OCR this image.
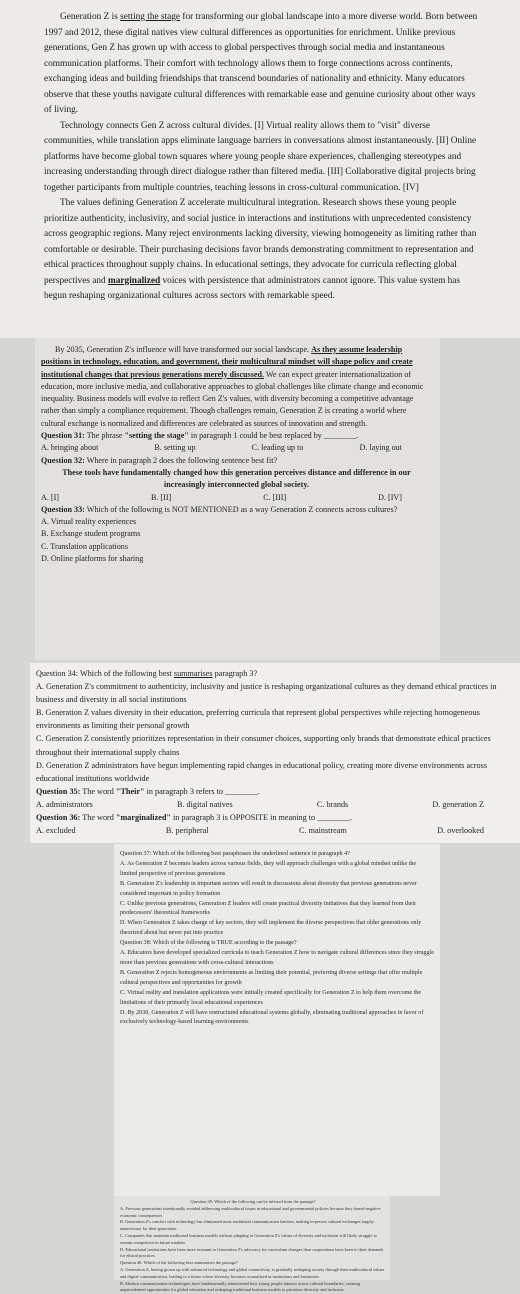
Generation Z is setting the stage for transforming our global landscape into a more diverse world. Born between 1997 and 2012, these digital natives view cultural differences as opportunities for enrichment. Unlike previous generations, Gen Z has grown up with access to global perspectives through social media and instantaneous communication platforms. Their comfort with technology allows them to forge connections across continents, exchanging ideas and building friendships that transcend boundaries of nationality and ethnicity. Many educators observe that these youths navigate cultural differences with remarkable ease and genuine curiosity about other ways of living.

Technology connects Gen Z across cultural divides. [I] Virtual reality allows them to "visit" diverse communities, while translation apps eliminate language barriers in conversations almost instantaneously. [II] Online platforms have become global town squares where young people share experiences, challenging stereotypes and increasing understanding through direct dialogue rather than filtered media. [III] Collaborative digital projects bring together participants from multiple countries, teaching lessons in cross-cultural communication. [IV]

The values defining Generation Z accelerate multicultural integration. Research shows these young people prioritize authenticity, inclusivity, and social justice in interactions and institutions with unprecedented consistency across geographic regions. Many reject environments lacking diversity, viewing homogeneity as limiting rather than comfortable or desirable. Their purchasing decisions favor brands demonstrating commitment to representation and ethical practices throughout supply chains. In educational settings, they advocate for curricula reflecting global perspectives and marginalized voices with persistence that administrators cannot ignore. This value system has begun reshaping organizational cultures across sectors with remarkable speed.

By 2035, Generation Z's influence will have transformed our social landscape. As they assume leadership positions in technology, education, and government, their multicultural mindset will shape policy and create institutional changes that previous generations merely discussed. We can expect greater internationalization of education, more inclusive media, and collaborative approaches to global challenges like climate change and economic inequality. Business models will evolve to reflect Gen Z's values, with diversity becoming a competitive advantage rather than simply a compliance requirement. Though challenges remain, Generation Z is creating a world where cultural exchange is normalized and differences are celebrated as sources of innovation and strength.

Question 31: The phrase "setting the stage" in paragraph 1 could be best replaced by ________.

A. bringing about	B. setting up	C. leading up to	D. laying out

Question 32: Where in paragraph 2 does the following sentence best fit?

These tools have fundamentally changed how this generation perceives distance and difference in our increasingly interconnected global society.

A. [I]	B. [II]	C. [III]	D. [IV]

Question 33: Which of the following is NOT MENTIONED as a way Generation Z connects across cultures?

A. Virtual reality experiences

B. Exchange student programs

C. Translation applications

D. Online platforms for sharing

Question 34: Which of the following best summarises paragraph 3?

A. Generation Z's commitment to authenticity, inclusivity and justice is reshaping organizational cultures as they demand ethical practices in business and diversity in all social institutions

B. Generation Z values diversity in their education, preferring curricula that represent global perspectives while rejecting homogeneous environments as limiting their personal growth

C. Generation Z consistently prioritizes representation in their consumer choices, supporting only brands that demonstrate ethical practices throughout their international supply chains

D. Generation Z administrators have begun implementing rapid changes in educational policy, creating more diverse environments across educational institutions worldwide

Question 35: The word "Their" in paragraph 3 refers to ________.

A. administrators	B. digital natives	C. brands	D. generation Z

Question 36: The word "marginalized" in paragraph 3 is OPPOSITE in meaning to ________.

A. excluded	B. peripheral	C. mainstream	D. overlooked

Question 37: Which of the following best paraphrases the underlined sentence in paragraph 4?

A. As Generation Z becomes leaders across various fields, they will approach challenges with a global mindset unlike the limited perspective of previous generations

B. Generation Z's leadership in important sectors will result in discussions about diversity that previous generations never considered important in policy formation

C. Unlike previous generations, Generation Z leaders will create practical diversity initiatives that they learned from their predecessors' theoretical frameworks

D. When Generation Z takes charge of key sectors, they will implement the diverse perspectives that older generations only theorized about but never put into practice

Question 38: Which of the following is TRUE according to the passage?

A. Educators have developed specialized curricula to teach Generation Z how to navigate cultural differences since they struggle more than previous generations with cross-cultural interactions

B. Generation Z rejects homogeneous environments as limiting their potential, preferring diverse settings that offer multiple cultural perspectives and opportunities for growth

C. Virtual reality and translation applications were initially created specifically for Generation Z to help them overcome the limitations of their primarily local educational experiences

D. By 2030, Generation Z will have restructured educational systems globally, eliminating traditional approaches in favor of exclusively technology-based learning environments

Question 39: Which of the following can be inferred from the passage?

A. Previous generations intentionally avoided addressing multicultural issues in educational and governmental policies because they feared negative economic consequences

B. Generation Z's comfort with technology has eliminated most traditional communication barriers, making in-person cultural exchanges largely unnecessary for their generation

C. Companies that maintain traditional business models without adapting to Generation Z's values of diversity and inclusion will likely struggle to remain competitive in future markets

D. Educational institutions have been more resistant to Generation Z's advocacy for curriculum changes than corporations have been to their demands for ethical practices

Question 40: Which of the following best summarises the passage?

A. Generation Z, having grown up with advanced technology and global connectivity, is gradually reshaping society through their multicultural values and digital communication, leading to a future where diversity becomes normalized in institutions and businesses

B. Modern communication technologies have fundamentally transformed how young people interact across cultural boundaries, creating unprecedented opportunities for global education and reshaping traditional business models to prioritize diversity and inclusion
